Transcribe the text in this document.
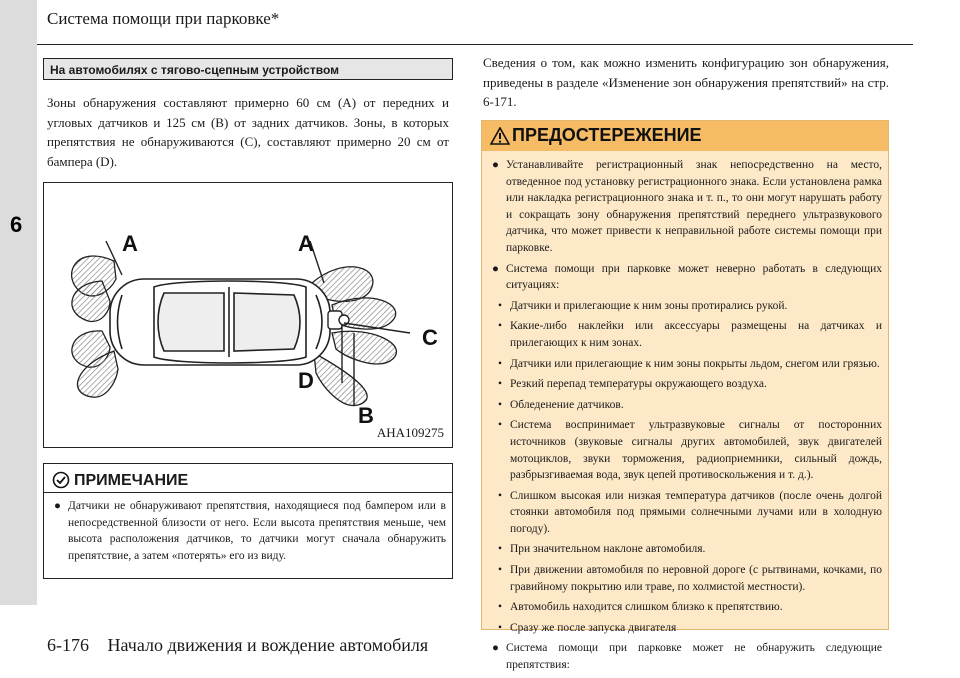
6
Система помощи при парковке*
На автомобилях с тягово-сцепным устройством

Зоны обнаружения составляют примерно 60 см (A) от передних и угловых датчиков и 125 см (B) от задних датчиков. Зоны, в которых препятствия не обнаруживаются (C), составляют примерно 20 см от бампера (D).

A	A
B
C
D
AHA109275
ПРИМЕЧАНИЕ

● Датчики не обнаруживают препятствия, находящиеся под бампером или в непосредственной близости от него. Если высота препятствия меньше, чем высота расположения датчиков, то датчики могут сначала обнаружить препятствие, а затем «потерять» его из виду.

Сведения о том, как можно изменить конфигурацию зон обнаружения, приведены в разделе «Изменение зон обнаружения препятствий» на стр. 6-171.

ПРЕДОСТЕРЕЖЕНИЕ

● Устанавливайте регистрационный знак непосредственно на место, отведенное под установку регистрационного знака. Если установлена рамка или накладка регистрационного знака и т. п., то они могут нарушать работу и сокращать зону обнаружения препятствий переднего ультразвукового датчика, что может привести к неправильной работе системы помощи при парковке.

● Система помощи при парковке может неверно работать в следующих ситуациях:

• Датчики и прилегающие к ним зоны протирались рукой.

• Какие-либо наклейки или аксессуары размещены на датчиках и прилегающих к ним зонах.

• Датчики или прилегающие к ним зоны покрыты льдом, снегом или грязью.

• Резкий перепад температуры окружающего воздуха.

• Обледенение датчиков.

• Система воспринимает ультразвуковые сигналы от посторонних источников (звуковые сигналы других автомобилей, звук двигателей мотоциклов, звуки торможения, радиоприемники, сильный дождь, разбрызгиваемая вода, звук цепей противоскольжения и т. д.).

• Слишком высокая или низкая температура датчиков (после очень долгой стоянки автомобиля под прямыми солнечными лучами или в холодную погоду).

• При значительном наклоне автомобиля.

• При движении автомобиля по неровной дороге (с рытвинами, кочками, по гравийному покрытию или траве, по холмистой местности).

• Автомобиль находится слишком близко к препятствию.

• Сразу же после запуска двигателя

● Система помощи при парковке может не обнаружить следующие препятствия:

6-176 Начало движения и вождение автомобиля
